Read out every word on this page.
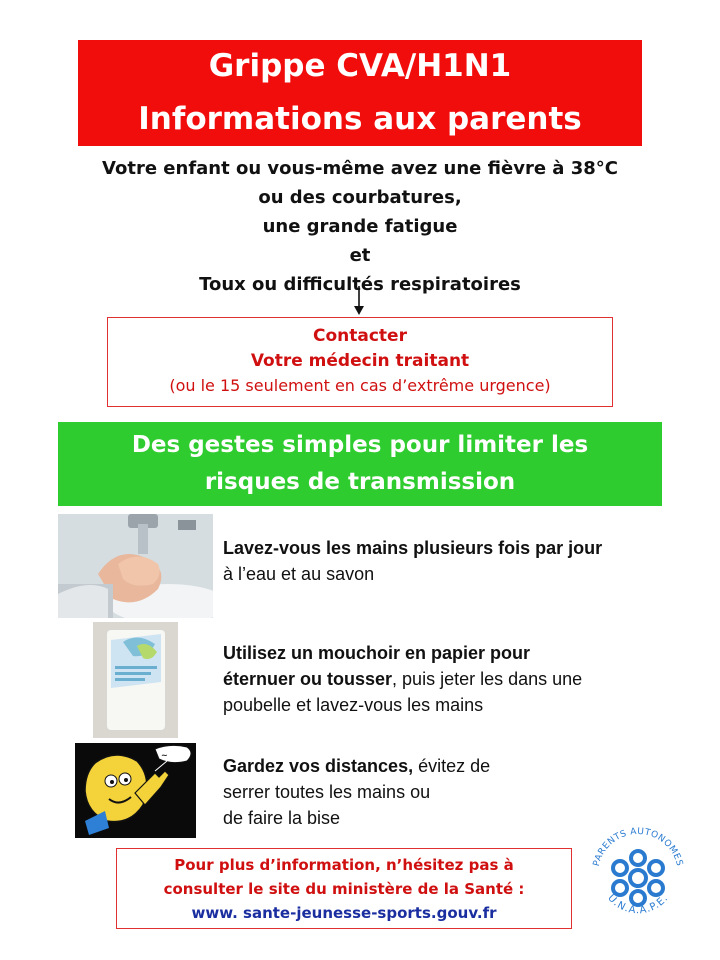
Grippe CVA/H1N1
Informations aux parents
Votre enfant ou vous-même avez une fièvre à 38°C
ou des courbatures,
une grande fatigue
et
Toux ou difficultés respiratoires
Contacter
Votre médecin traitant
(ou le 15 seulement en cas d’extrême urgence)
Des gestes simples pour limiter les
risques de transmission
~
Lavez-vous les mains plusieurs fois par jour
à l’eau et au savon
Utilisez un mouchoir en papier pour
éternuer ou tousser, puis jeter les dans une
poubelle et lavez-vous les mains
Gardez vos distances, évitez de
serrer toutes les mains ou
de faire la bise
Pour plus d’information, n’hésitez pas à
consulter le site du ministère de la Santé :
www. sante-jeunesse-sports.gouv.fr
PARENTS AUTONOMES
U.N.A.A.P.E.
